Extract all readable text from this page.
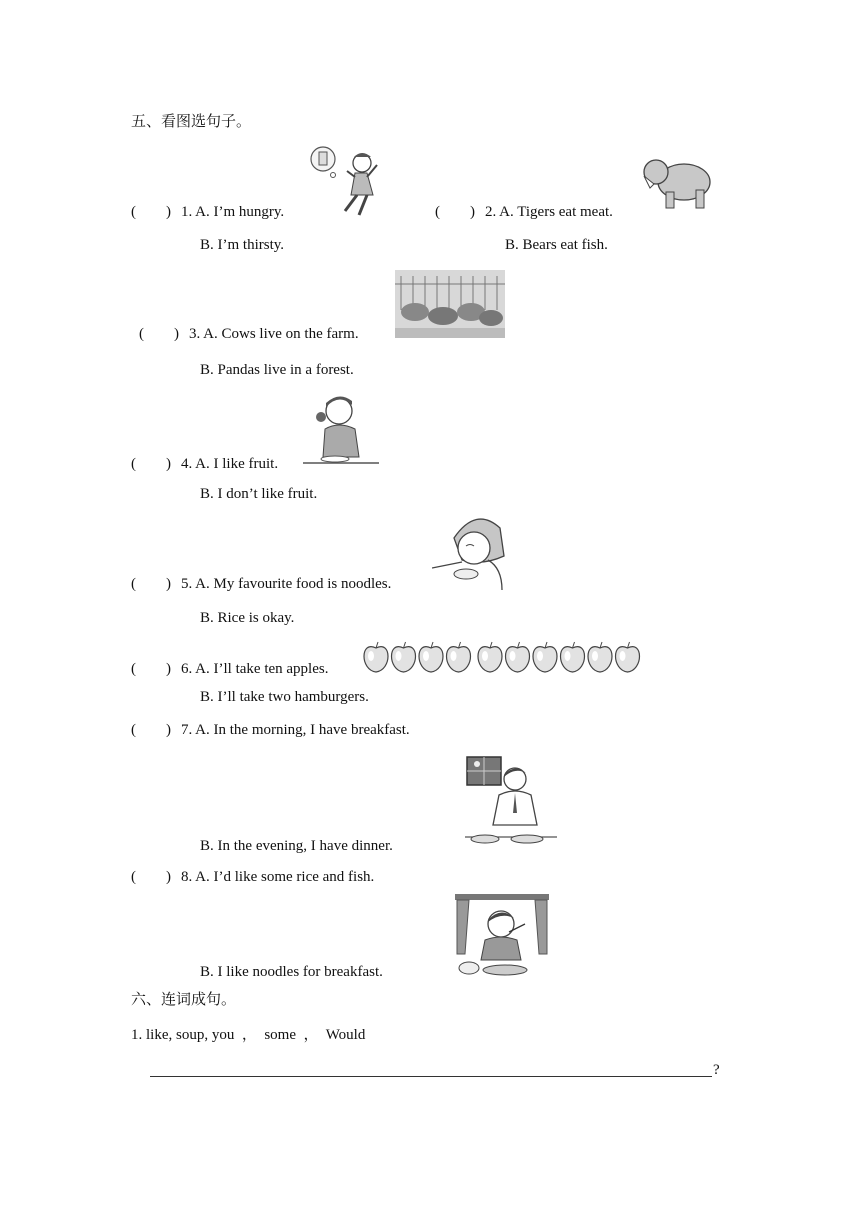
五、看图选句子。
(        ) 1. A. I’m hungry.
B. I’m thirsty.
(        ) 2. A. Tigers eat meat.
B. Bears eat fish.
(        ) 3. A. Cows live on the farm.
B. Pandas live in a forest.
(        ) 4. A. I like fruit.
B. I don’t like fruit.
(        ) 5. A. My favourite food is noodles.
B. Rice is okay.
(        ) 6. A. I’ll take ten apples.
B. I’ll take two hamburgers.
(        ) 7. A. In the morning, I have breakfast.
B. In the evening, I have dinner.
(        ) 8. A. I’d like some rice and fish.
B. I like noodles for breakfast.
六、连词成句。
1. like, soup, you  ，  some  ，  Would
?
